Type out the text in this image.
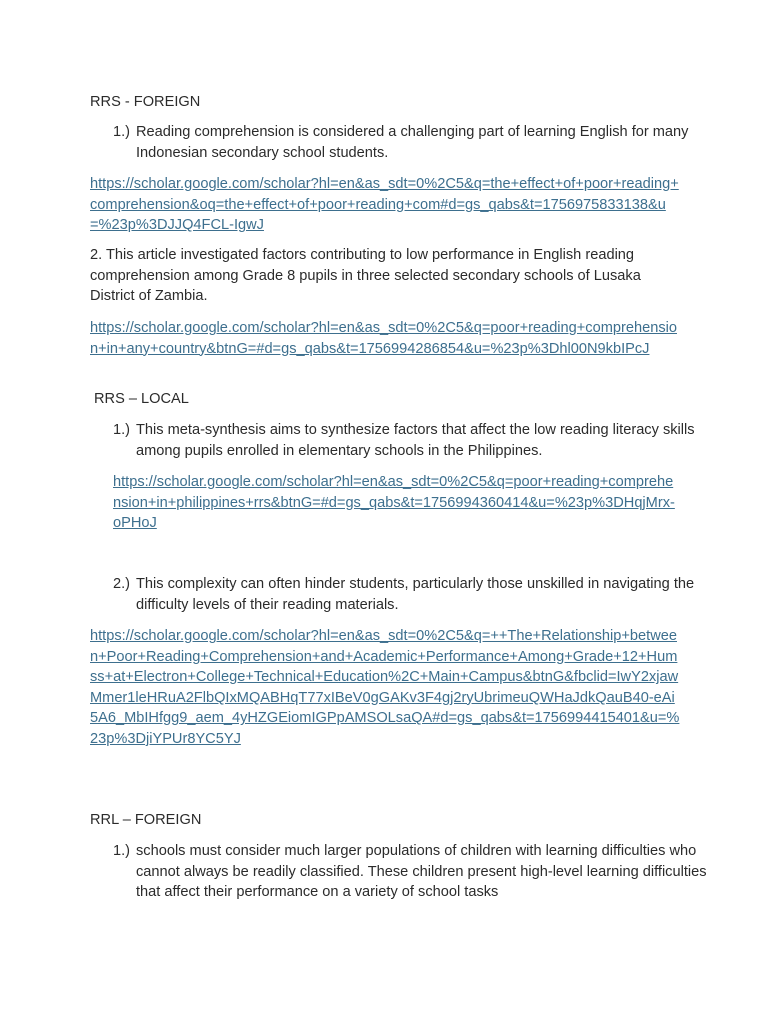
RRS - FOREIGN
1.) Reading comprehension is considered a challenging part of learning English for many Indonesian secondary school students.
https://scholar.google.com/scholar?hl=en&as_sdt=0%2C5&q=the+effect+of+poor+reading+comprehension&oq=the+effect+of+poor+reading+com#d=gs_qabs&t=1756975833138&u=%23p%3DJJQ4FCL-IgwJ
2. This article investigated factors contributing to low performance in English reading comprehension among Grade 8 pupils in three selected secondary schools of Lusaka District of Zambia.
https://scholar.google.com/scholar?hl=en&as_sdt=0%2C5&q=poor+reading+comprehension+in+any+country&btnG=#d=gs_qabs&t=1756994286854&u=%23p%3Dhl00N9kbIPcJ
RRS – LOCAL
1.) This meta-synthesis aims to synthesize factors that affect the low reading literacy skills among pupils enrolled in elementary schools in the Philippines.
https://scholar.google.com/scholar?hl=en&as_sdt=0%2C5&q=poor+reading+comprehension+in+philippines+rrs&btnG=#d=gs_qabs&t=1756994360414&u=%23p%3DHqjMrx-oPHoJ
2.) This complexity can often hinder students, particularly those unskilled in navigating the difficulty levels of their reading materials.
https://scholar.google.com/scholar?hl=en&as_sdt=0%2C5&q=++The+Relationship+between+Poor+Reading+Comprehension+and+Academic+Performance+Among+Grade+12+Humss+at+Electron+College+Technical+Education%2C+Main+Campus&btnG&fbclid=IwY2xjawMmer1leHRuA2FlbQIxMQABHqT77xIBeV0gGAKv3F4gj2ryUbrimeuQWHaJdkQauB40-eAi5A6_MbIHfgg9_aem_4yHZGEiomIGPpAMSOLsaQA#d=gs_qabs&t=1756994415401&u=%23p%3DjiYPUr8YC5YJ
RRL – FOREIGN
1.) schools must consider much larger populations of children with learning difficulties who cannot always be readily classified. These children present high-level learning difficulties that affect their performance on a variety of school tasks
